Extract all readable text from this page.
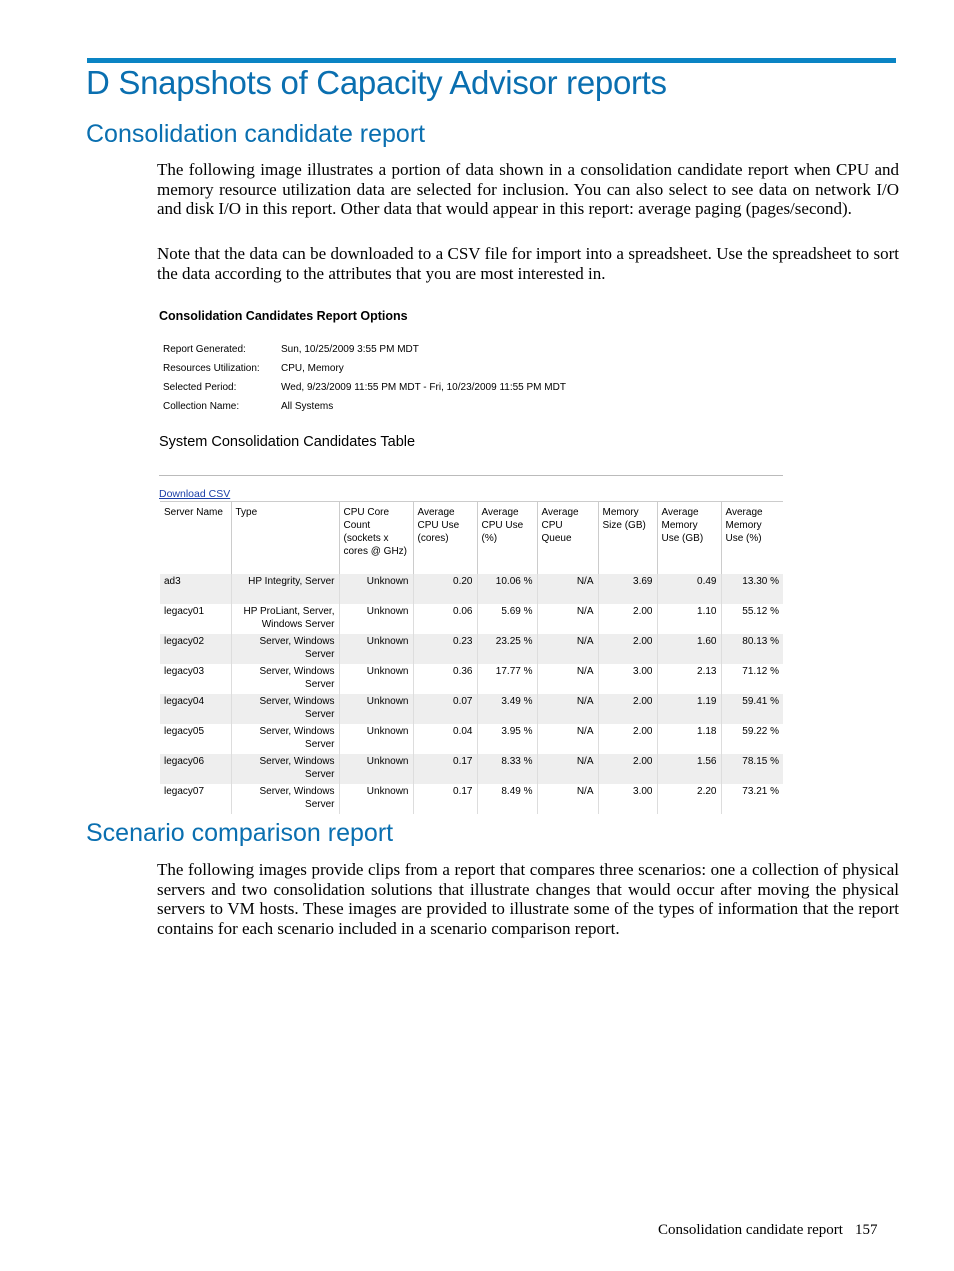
D Snapshots of Capacity Advisor reports
Consolidation candidate report

The following image illustrates a portion of data shown in a consolidation candidate report when CPU and memory resource utilization data are selected for inclusion. You can also select to see data on network I/O and disk I/O in this report. Other data that would appear in this report: average paging (pages/second).

Note that the data can be downloaded to a CSV file for import into a spreadsheet. Use the spreadsheet to sort the data according to the attributes that you are most interested in.

Consolidation Candidates Report Options
Report Generated:	Sun, 10/25/2009 3:55 PM MDT
Resources Utilization: CPU, Memory
Selected Period:	Wed, 9/23/2009 11:55 PM MDT - Fri, 10/23/2009 11:55 PM MDT
Collection Name:	All Systems
System Consolidation Candidates Table
Download CSV
Server Name	Type	CPU Core Count (sockets x cores @ GHz)	Average CPU Use (cores)	Average CPU Use (%)	Average CPU Queue	Memory Size (GB)	Average Memory Use (GB)	Average Memory Use (%)
ad3	HP Integrity, Server	Unknown	0.20	10.06 %	N/A	3.69	0.49	13.30 %
legacy01	HP ProLiant, Server, Windows Server	Unknown	0.06	5.69 %	N/A	2.00	1.10	55.12 %
legacy02	Server, Windows Server	Unknown	0.23	23.25 %	N/A	2.00	1.60	80.13 %
legacy03	Server, Windows Server	Unknown	0.36	17.77 %	N/A	3.00	2.13	71.12 %
legacy04	Server, Windows Server	Unknown	0.07	3.49 %	N/A	2.00	1.19	59.41 %
legacy05	Server, Windows Server	Unknown	0.04	3.95 %	N/A	2.00	1.18	59.22 %
legacy06	Server, Windows Server	Unknown	0.17	8.33 %	N/A	2.00	1.56	78.15 %
legacy07	Server, Windows Server	Unknown	0.17	8.49 %	N/A	3.00	2.20	73.21 %
Scenario comparison report

The following images provide clips from a report that compares three scenarios: one a collection of physical servers and two consolidation solutions that illustrate changes that would occur after moving the physical servers to VM hosts. These images are provided to illustrate some of the types of information that the report contains for each scenario included in a scenario comparison report.

Consolidation candidate report 157
